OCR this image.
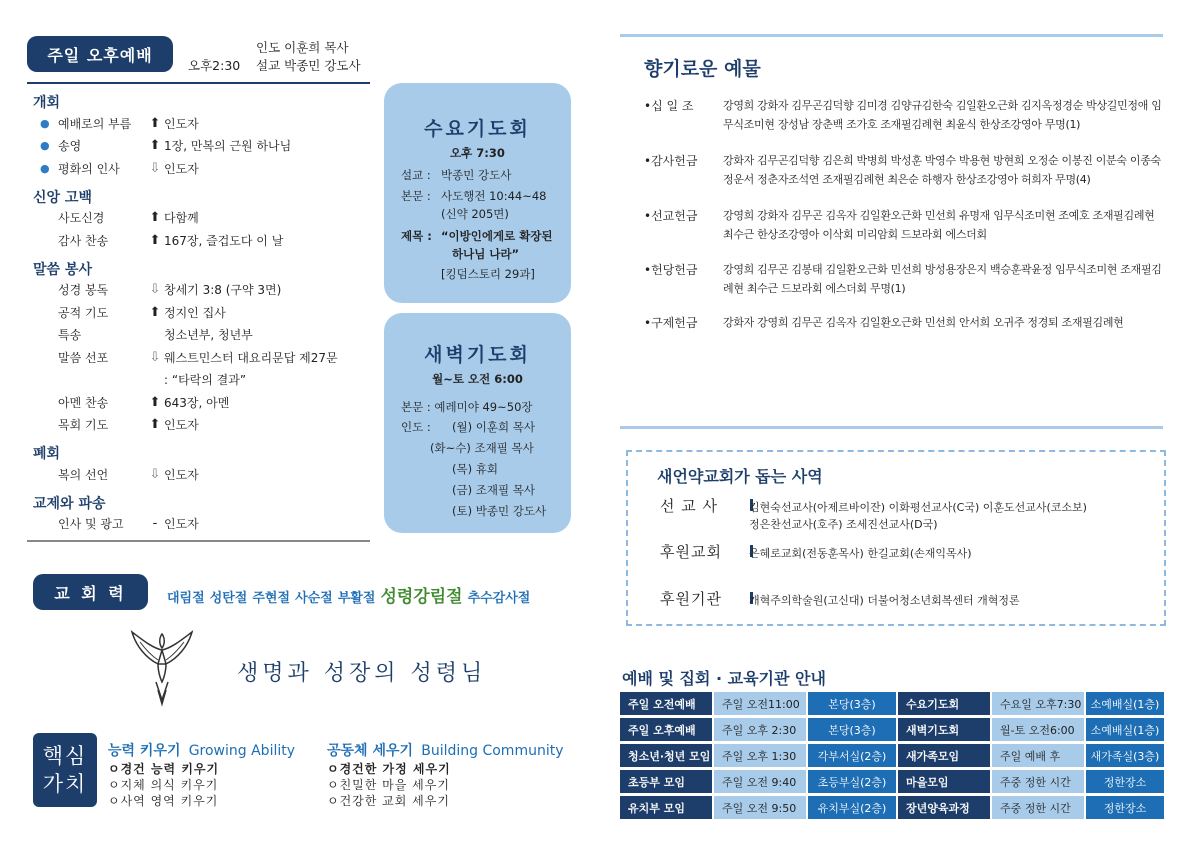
주일 오후예배
오후2:30
인도 이훈희 목사
설교 박종민 강도사
개회
● 예배로의 부름	⬆ 인도자
● 송영	⬆ 1장, 만복의 근원 하나님
● 평화의 인사	⇩ 인도자
신앙 고백
사도신경	⬆ 다함께
감사 찬송	⬆ 167장, 즐겁도다 이 날
말씀 봉사
성경 봉독	⇩ 창세기 3:8 (구약 3면)
공적 기도	⬆ 정지인 집사
특송	청소년부, 청년부
말씀 선포	⇩ 웨스트민스터 대요리문답 제27문
: “타락의 결과”
아멘 찬송	⬆ 643장, 아멘
목회 기도	⬆ 인도자
폐회
복의 선언	⇩ 인도자
교제와 파송
인사 및 광고	- 인도자
수요기도회
오후 7:30
설교 : 박종민 강도사
본문 : 사도행전 10:44~48
(신약 205면)
제목 : “이방인에게로 확장된
하나님 나라”
[킹덤스토리 29과]
새벽기도회
월~토 오전 6:00
본문 : 예레미야 49~50장
인도 : (월) 이훈희 목사
(화~수) 조재필 목사
(목) 휴회
(금) 조재필 목사
(토) 박종민 강도사
교 회 력	대림절 성탄절 주현절 사순절 부활절 성령강림절 추수감사절
생명과 성장의 성령님
핵심
가치
능력 키우기 Growing Ability
ㅇ경건 능력 키우기
ㅇ지체 의식 키우기
ㅇ사역 영역 키우기
공동체 세우기 Building Community
ㅇ경건한 가정 세우기
ㅇ친밀한 마을 세우기
ㅇ건강한 교회 세우기
향기로운 예물
•십 일 조	강영희 강화자 김무곤김덕향 김미경 김양규김한숙 김일환오근화 김지옥정경순 박상길민정애 임무식조미현 장성남 장춘백 조가호 조재필김례현 최윤식 한상조강영아 무명(1)
•감사헌금 강화자 김무곤김덕향 김은희 박병희 박성훈 박영수 박용현 방현희 오정순 이봉진 이분숙 이종숙 정운서 정춘자조석연 조재필김례현 최은순 하행자 한상조강영아 허희자 무명(4)
•선교헌금 강영희 강화자 김무곤 김옥자 김일환오근화 민선희 유명재 임무식조미현 조예호 조재필김례현 최수근 한상조강영아 이삭회 미리암회 드보라회 에스더회
•헌당헌금 강영희 김무곤 김봉태 김일환오근화 민선희 방성용장은지 백승훈곽윤정 임무식조미현 조재필김례현 최수근 드보라회 에스더회 무명(1)
•구제헌금 강화자 강영희 김무곤 김옥자 김일환오근화 민선희 안서희 오귀주 정경퇴 조재필김례현
새언약교회가 돕는 사역
선 교 사	김현숙선교사(아제르바이잔) 이화평선교사(C국) 이훈도선교사(코소보)
정은찬선교사(호주) 조세진선교사(D국)
후원교회	은혜로교회(전동훈목사) 한길교회(손재익목사)
후원기관	개혁주의학술원(고신대) 더불어청소년회복센터 개혁정론
예배 및 집회 · 교육기관 안내
주일 오전예배	주일 오전11:00	본당(3층)	수요기도회	수요일 오후7:30 소예배실(1층)
주일 오후예배	주일 오후 2:30	본당(3층)	새벽기도회	월-토 오전6:00	소예배실(1층)
청소년·청년 모임	주일 오후 1:30	각부서실(2층)	새가족모임	주일 예배 후	새가족실(3층)
초등부 모임	주일 오전 9:40	초등부실(2층)	마을모임	주중 정한 시간	정한장소
유치부 모임	주일 오전 9:50	유치부실(2층)	장년양육과정	주중 정한 시간	정한장소
